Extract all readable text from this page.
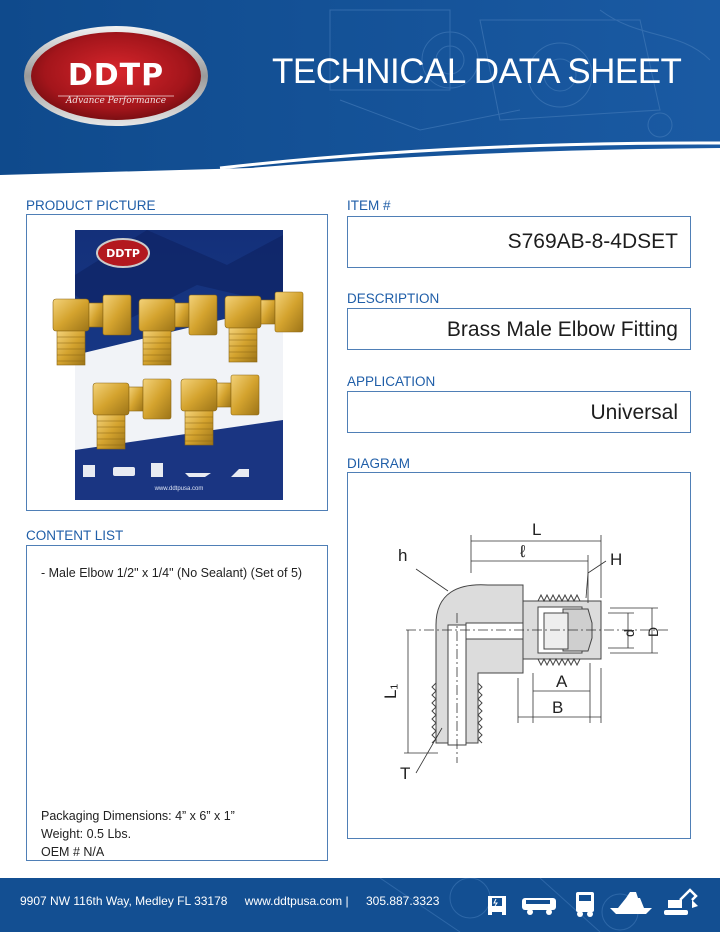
DDTP
Advance Performance
TECHNICAL DATA SHEET
PRODUCT PICTURE
DDTP
www.ddtpusa.com
ITEM #
S769AB-8-4DSET
DESCRIPTION
Brass Male Elbow Fitting
APPLICATION
Universal
DIAGRAM
L
ℓ
h	H
d D
A
B
L₁
T
CONTENT LIST
- Male Elbow 1/2" x 1/4" (No Sealant) (Set of 5)
Packaging Dimensions: 4” x 6” x 1”
Weight: 0.5 Lbs.
OEM # N/A
9907 NW 116th Way, Medley FL 33178 www.ddtpusa.com | 305.887.3323
